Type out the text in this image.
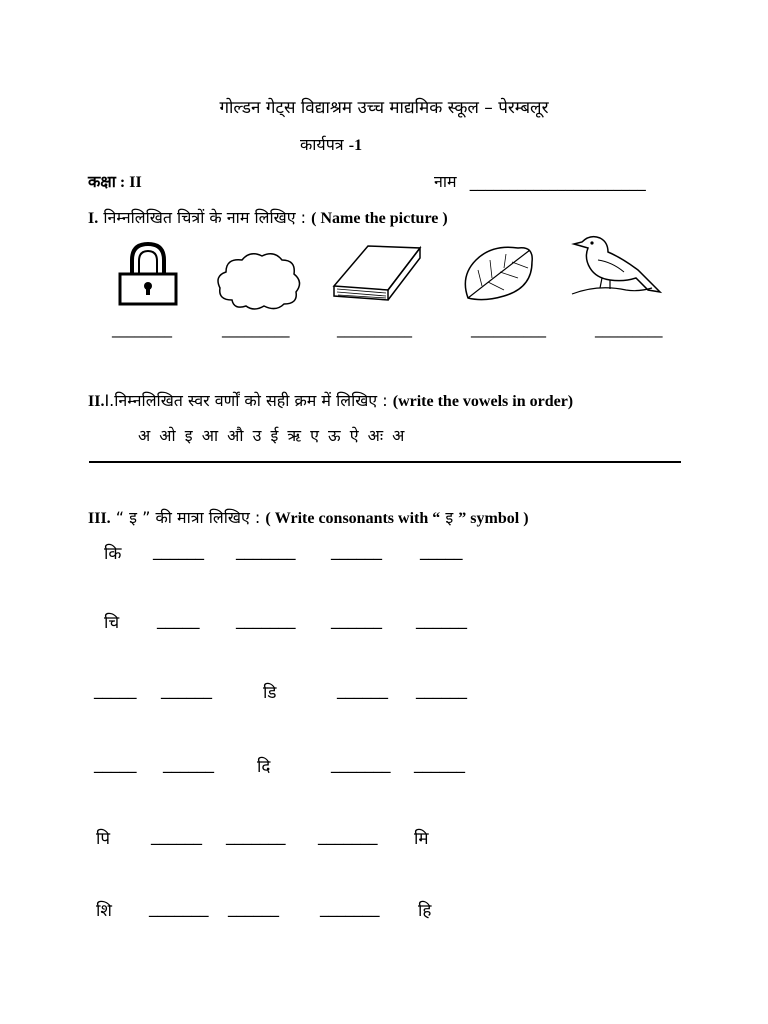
गोल्डन गेट्स विद्याश्रम उच्च माद्यमिक स्कूल – पेरम्बलूर
कार्यपत्र -1
कक्षा : II	नाम ______________________
I. निम्नलिखित चित्रों के नाम लिखिए : ( Name the picture )
________	_________	__________	__________	_________
II.I.निम्नलिखित स्वर वर्णों को सही क्रम में लिखिए : (write the vowels in order)
अ ओ इ आ औ उ ई ऋ ए ऊ ऐ अः अ
III. “ इ ” की मात्रा लिखिए : ( Write consonants with “ इ ” symbol )
कि ______ _______ ______ _____
चि _____ _______ ______ ______
_____ ______	डि	______ ______
_____ ______	दि	_______ ______
पि ______ _______ _______ मि
शि _______ ______ _______ हि
